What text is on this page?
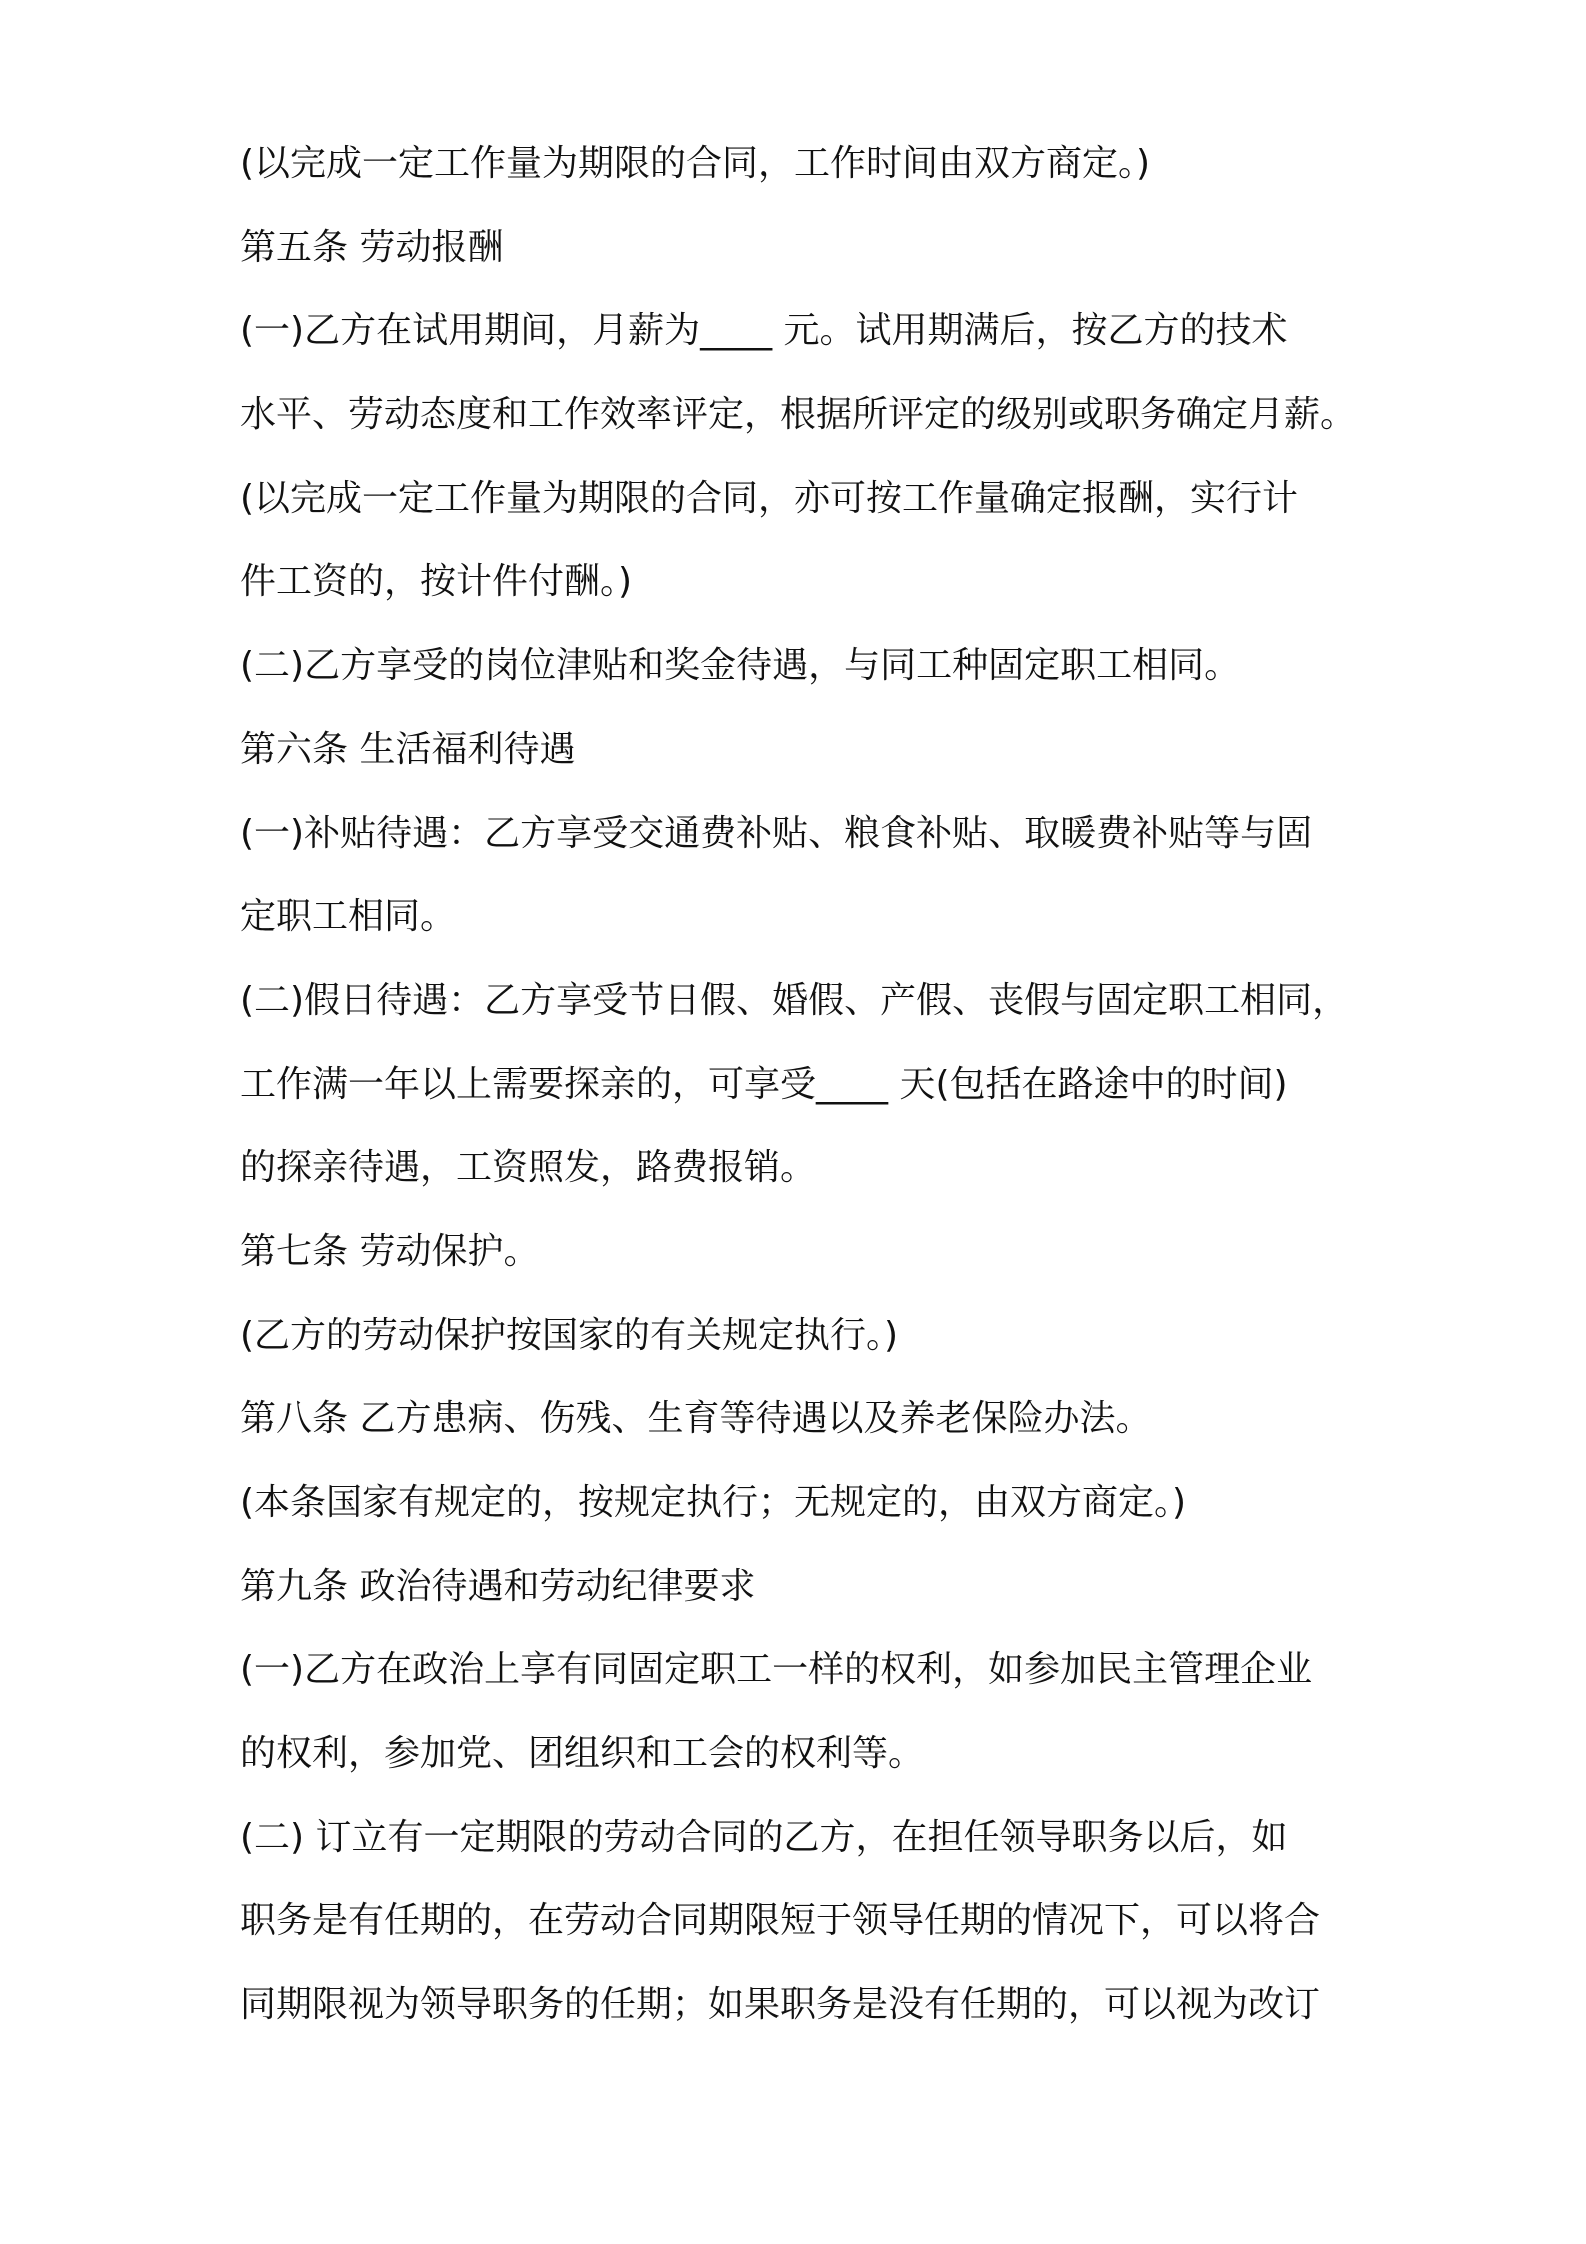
(以完成一定工作量为期限的合同，工作时间由双方商定。)
第五条 劳动报酬
(一)乙方在试用期间，月薪为____ 元。试用期满后，按乙方的技术
水平、劳动态度和工作效率评定，根据所评定的级别或职务确定月薪。
(以完成一定工作量为期限的合同，亦可按工作量确定报酬，实行计
件工资的，按计件付酬。)
(二)乙方享受的岗位津贴和奖金待遇，与同工种固定职工相同。
第六条 生活福利待遇
(一)补贴待遇：乙方享受交通费补贴、粮食补贴、取暖费补贴等与固
定职工相同。
(二)假日待遇：乙方享受节日假、婚假、产假、丧假与固定职工相同，
工作满一年以上需要探亲的，可享受____ 天(包括在路途中的时间)
的探亲待遇，工资照发，路费报销。
第七条 劳动保护。
(乙方的劳动保护按国家的有关规定执行。)
第八条 乙方患病、伤残、生育等待遇以及养老保险办法。
(本条国家有规定的，按规定执行；无规定的，由双方商定。)
第九条 政治待遇和劳动纪律要求
(一)乙方在政治上享有同固定职工一样的权利，如参加民主管理企业
的权利，参加党、团组织和工会的权利等。
(二) 订立有一定期限的劳动合同的乙方，在担任领导职务以后，如
职务是有任期的，在劳动合同期限短于领导任期的情况下，可以将合
同期限视为领导职务的任期；如果职务是没有任期的，可以视为改订
